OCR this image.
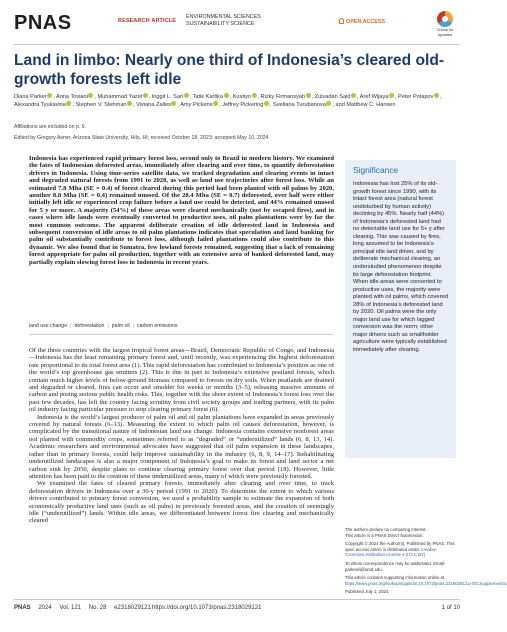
PNAS	RESEARCH ARTICLE
ENVIRONMENTAL SCIENCES
SUSTAINABILITY SCIENCE	OPEN ACCESS
Check for
updates
Land in limbo: Nearly one third of Indonesia’s cleared old-growth forests left idle
Diana Parker , Anna Tosiani , Muhammad Yazid , Inggit L. Sari , Tatik Kartika , Kustiyo , Rizky Firmansyah , Zulvadan Said , Aref Wijaya , Peter Potapov , Alexandra Tyukavina , Stephen V. Stehman , Viviana Zalles , Amy Pickens , Jeffrey Pickering , Svetlana Turubanova , and Matthew C. Hansen
Affiliations are included on p. 9.
Edited by Gregory Asner, Arizona State University, Hilo, HI; received October 18, 2023; accepted May 10, 2024
Indonesia has experienced rapid primary forest loss, second only to Brazil in modern history. We examined the fates of Indonesian deforested areas, immediately after clearing and over time, to quantify deforestation drivers in Indonesia. Using time-series satellite data, we tracked degradation and clearing events in intact and degraded natural forests from 1991 to 2020, as well as land use trajectories after forest loss. While an estimated 7.8 Mha (SE = 0.4) of forest cleared during this period had been planted with oil palms by 2020, another 8.8 Mha (SE = 0.4) remained unused. Of the 28.4 Mha (SE = 0.7) deforested, over half were either initially left idle or experienced crop failure before a land use could be detected, and 44% remained unused for 5 y or more. A majority (54%) of these areas were cleared mechanically (not by escaped fires), and in cases where idle lands were eventually converted to productive uses, oil palm plantations were by far the most common outcome. The apparent deliberate creation of idle deforested land in Indonesia and subsequent conversion of idle areas to oil palm plantations indicates that speculation and land banking for palm oil substantially contribute to forest loss, although failed plantations could also contribute to this dynamic. We also found that in Sumatra, few lowland forests remained, suggesting that a lack of remaining forest appropriate for palm oil production, together with an extensive area of banked deforested land, may partially explain slowing forest loss in Indonesia in recent years.
land use change | deforestation | palm oil | carbon emissions

Of the three countries with the largest tropical forest areas—Brazil, Democratic Republic of Congo, and Indonesia—Indonesia has the least remaining primary forest and, until recently, was experiencing the highest deforestation rate proportional to its total forest area (1). This rapid deforestation has contributed to Indonesia’s position as one of the world’s top greenhouse gas emitters (2). This is due in part to Indonesia’s extensive peatland forests, which contain much higher levels of below-ground biomass compared to forests on dry soils. When peatlands are drained and degraded or cleared, fires can occur and smolder for weeks or months (3–5), releasing massive amounts of carbon and posing serious public health risks. This, together with the sheer extent of Indonesia’s forest loss over the past few decades, has left the country facing scrutiny from civil society groups and trading partners, with its palm oil industry facing particular pressure to stop clearing primary forest (6).

Indonesia is the world’s largest producer of palm oil and oil palm plantations have expanded in areas previously covered by natural forests (6–13). Measuring the extent to which palm oil causes deforestation, however, is complicated by the transitional nature of Indonesian land use change. Indonesia contains extensive nonforest areas not planted with commodity crops, sometimes referred to as “degraded” or “underutilized” lands (6, 8, 13, 14). Academic researchers and environmental advocates have suggested that oil palm expansion in these landscapes, rather than in primary forests, could help improve sustainability in the industry (6, 8, 9, 14–17). Rehabilitating underutilized landscapes is also a major component of Indonesia’s goal to make its forest and land sector a net carbon sink by 2050, despite plans to continue clearing primary forest over that period (18). However, little attention has been paid to the creation of these underutilized areas, many of which were previously forested.

We examined the fates of cleared primary forests, immediately after clearing and over time, to track deforestation drivers in Indonesia over a 30-y period (1991 to 2020). To determine the extent to which various drivers contributed to primary forest conversion, we used a probability sample to estimate the expansion of both economically productive land uses (such as oil palm) in previously forested areas, and the creation of seemingly idle (“underutilized”) lands. Within idle areas, we differentiated between forest fire clearing and mechanically cleared

Significance
Indonesia has lost 25% of its old-growth forest since 1990, with its intact forest area (natural forest undisturbed by human activity) declining by 45%. Nearly half (44%) of Indonesia’s deforested land had no detectable land use for 5+ y after clearing. This was caused by fires, long assumed to be Indonesia’s principal idle land driver, and by deliberate mechanical clearing, an understudied phenomenon despite its large deforestation footprint. When idle areas were converted to productive uses, the majority were planted with oil palms, which covered 28% of Indonesia’s deforested land by 2020. Oil palms were the only major land use for which lagged conversion was the norm; other major drivers such as smallholder agriculture were typically established immediately after clearing.
The authors declare no competing interest.
This article is a PNAS Direct Submission.
Copyright © 2024 the Author(s). Published by PNAS. This open access article is distributed under Creative Commons Attribution License 4.0 (CC BY).
To whom correspondence may be addressed. Email: parkerdi@umd.edu.
This article contains supporting information online at https://www.pnas.org/lookup/suppl/doi:10.1073/pnas.2318029121/-/DCSupplemental.
Published July 1, 2024.
PNAS 2024 Vol. 121 No. 28 e2318029121 https://doi.org/10.1073/pnas.2318029121	1 of 10
